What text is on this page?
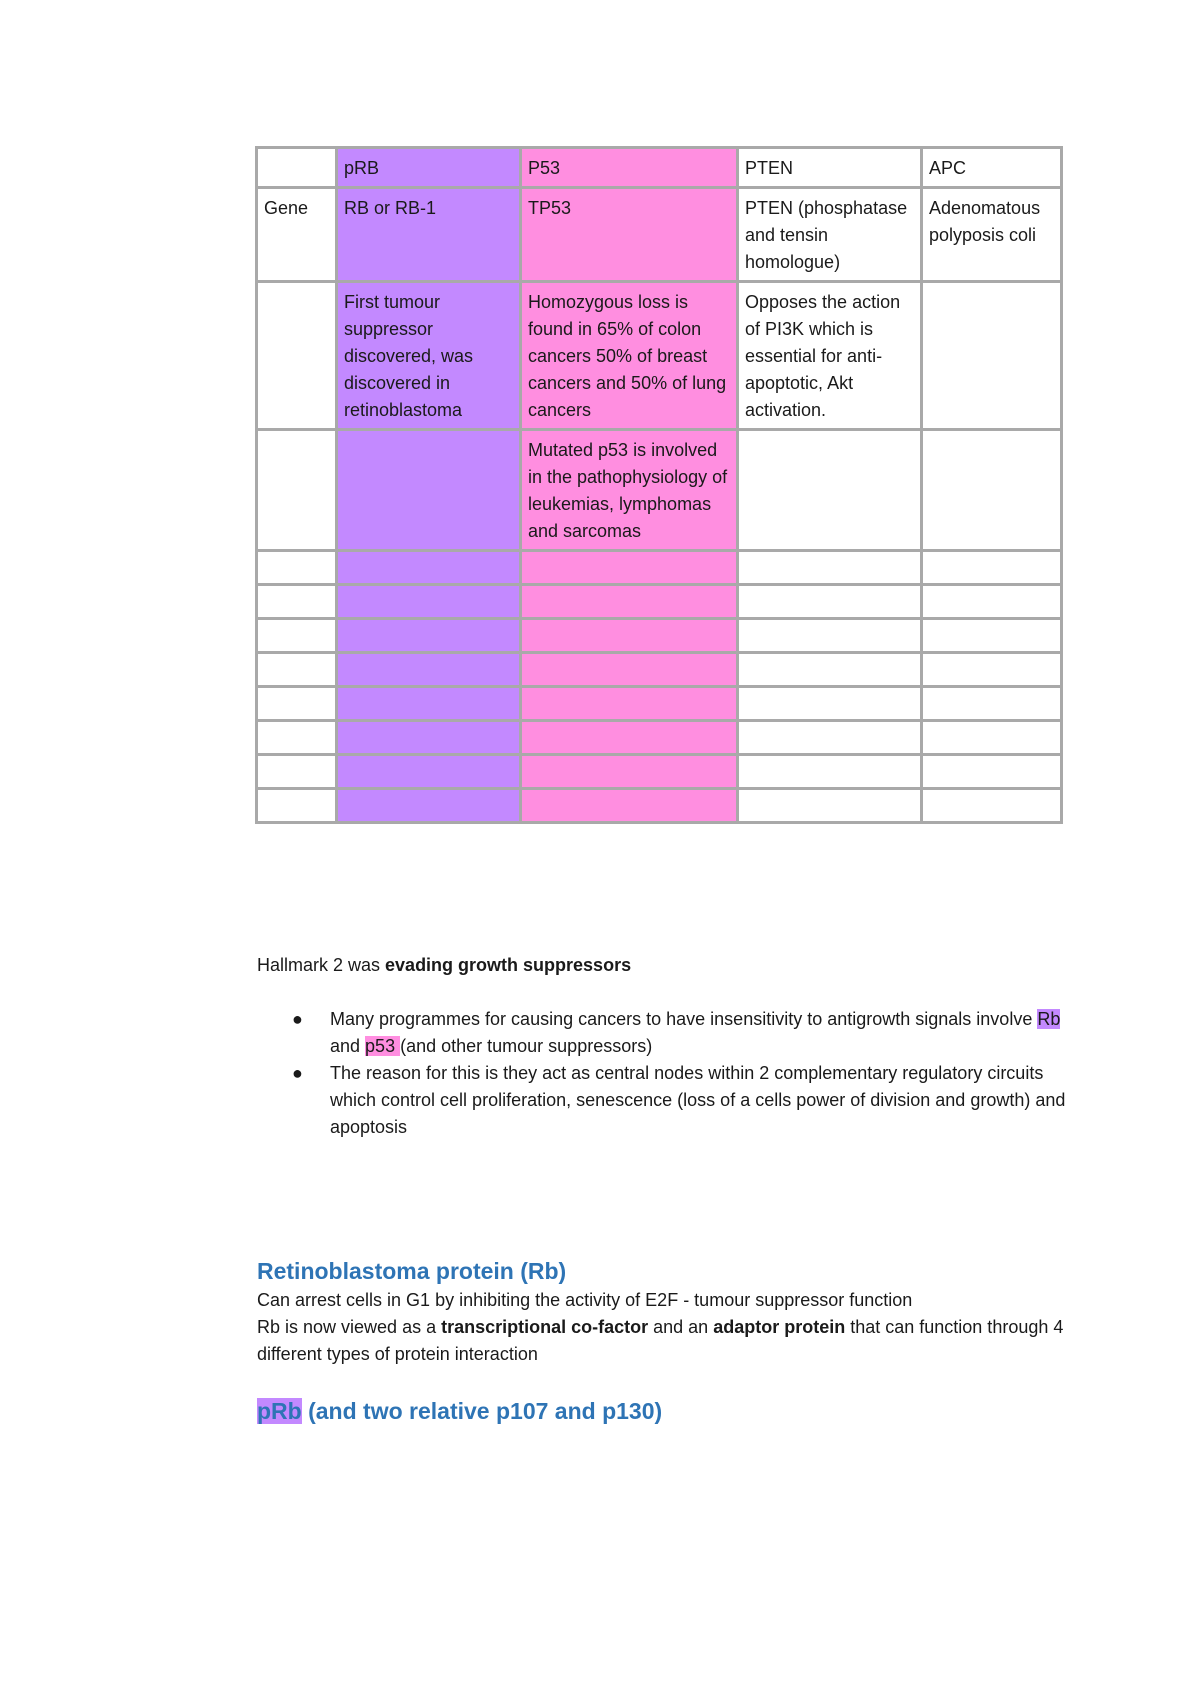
	pRB	P53	PTEN	APC
Gene	RB or RB-1	TP53	PTEN (phosphatase and tensin homologue)	Adenomatous polyposis coli
	First tumour suppressor discovered, was discovered in retinoblastoma	Homozygous loss is found in 65% of colon cancers 50% of breast cancers and 50% of lung cancers	Opposes the action of PI3K which is essential for anti-apoptotic, Akt activation.	
		Mutated p53 is involved in the pathophysiology of leukemias, lymphomas and sarcomas		

Hallmark 2 was evading growth suppressors
● Many programmes for causing cancers to have insensitivity to antigrowth signals involve Rb and p53 (and other tumour suppressors)
● The reason for this is they act as central nodes within 2 complementary regulatory circuits which control cell proliferation, senescence (loss of a cells power of division and growth) and apoptosis
Retinoblastoma protein (Rb)
Can arrest cells in G1 by inhibiting the activity of E2F - tumour suppressor function
Rb is now viewed as a transcriptional co-factor and an adaptor protein that can function through 4 different types of protein interaction
pRb (and two relative p107 and p130)
